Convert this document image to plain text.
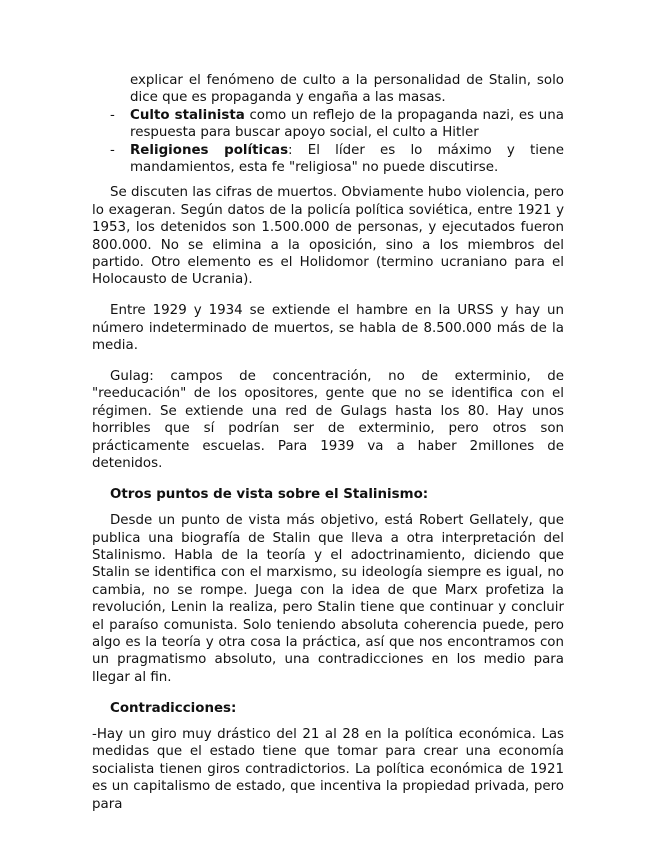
explicar el fenómeno de culto a la personalidad de Stalin, solo dice que es propaganda y engaña a las masas.
- Culto stalinista como un reflejo de la propaganda nazi, es una respuesta para buscar apoyo social, el culto a Hitler
- Religiones políticas: El líder es lo máximo y tiene mandamientos, esta fe "religiosa" no puede discutirse.

Se discuten las cifras de muertos. Obviamente hubo violencia, pero lo exageran. Según datos de la policía política soviética, entre 1921 y 1953, los detenidos son 1.500.000 de personas, y ejecutados fueron 800.000. No se elimina a la oposición, sino a los miembros del partido. Otro elemento es el Holidomor (termino ucraniano para el Holocausto de Ucrania).

Entre 1929 y 1934 se extiende el hambre en la URSS y hay un número indeterminado de muertos, se habla de 8.500.000 más de la media.

Gulag: campos de concentración, no de exterminio, de "reeducación" de los opositores, gente que no se identifica con el régimen. Se extiende una red de Gulags hasta los 80. Hay unos horribles que sí podrían ser de exterminio, pero otros son prácticamente escuelas. Para 1939 va a haber 2millones de detenidos.

Otros puntos de vista sobre el Stalinismo:

Desde un punto de vista más objetivo, está Robert Gellately, que publica una biografía de Stalin que lleva a otra interpretación del Stalinismo. Habla de la teoría y el adoctrinamiento, diciendo que Stalin se identifica con el marxismo, su ideología siempre es igual, no cambia, no se rompe. Juega con la idea de que Marx profetiza la revolución, Lenin la realiza, pero Stalin tiene que continuar y concluir el paraíso comunista. Solo teniendo absoluta coherencia puede, pero algo es la teoría y otra cosa la práctica, así que nos encontramos con un pragmatismo absoluto, una contradicciones en los medio para llegar al fin.

Contradicciones:

-Hay un giro muy drástico del 21 al 28 en la política económica. Las medidas que el estado tiene que tomar para crear una economía socialista tienen giros contradictorios. La política económica de 1921 es un capitalismo de estado, que incentiva la propiedad privada, pero para
